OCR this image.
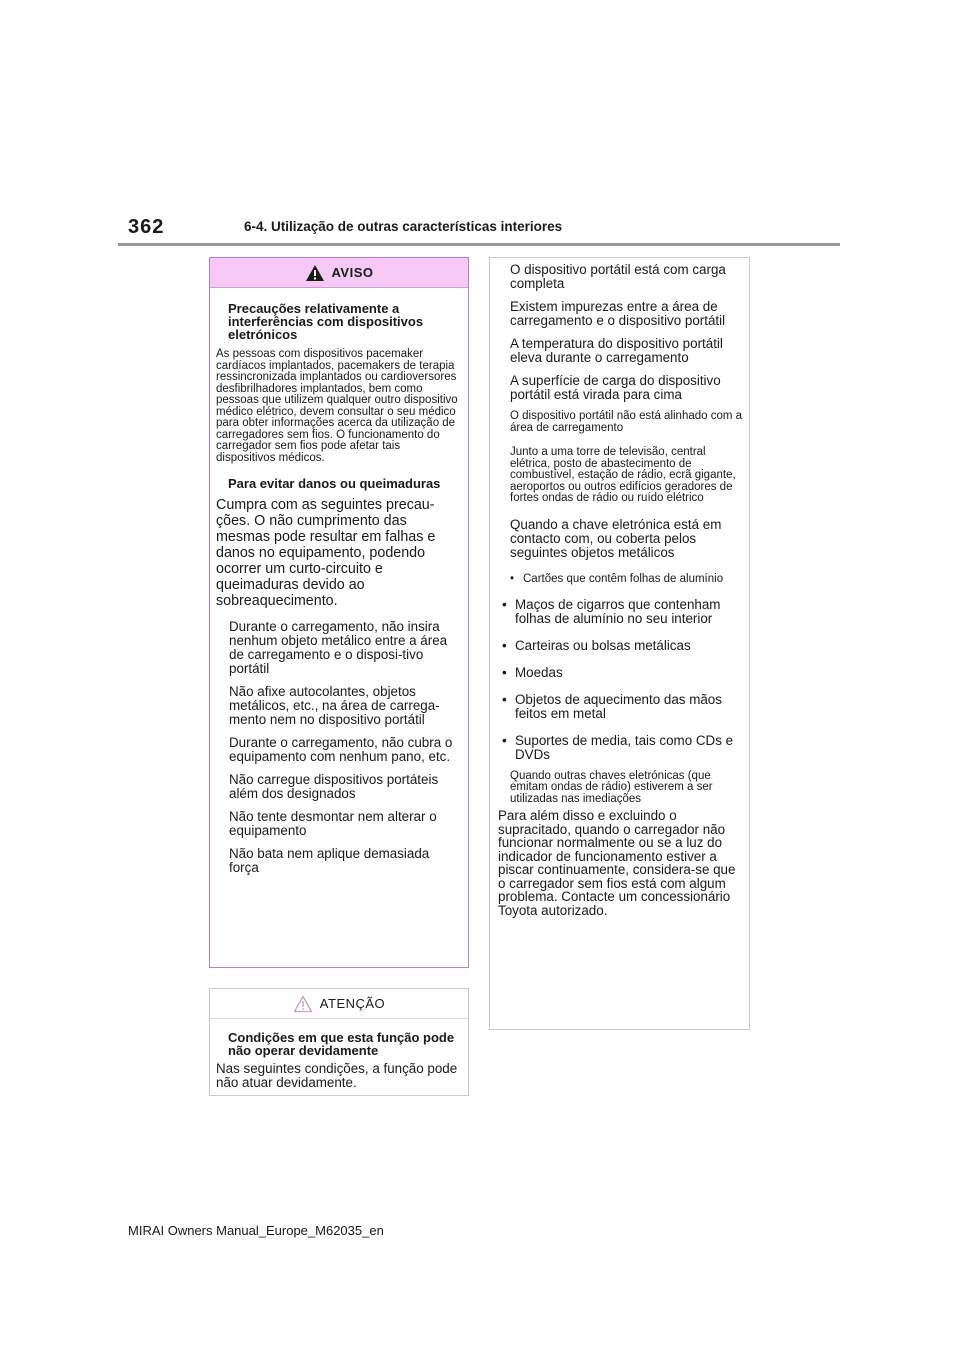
362	6-4. Utilização de outras características interiores
AVISO
Precauções relativamente a interferências com dispositivos eletrónicos
As pessoas com dispositivos pacemaker cardíacos implantados, pacemakers de terapia ressincronizada implantados ou cardioversores desfibrilhadores implantados, bem como pessoas que utilizem qualquer outro dispositivo médico elétrico, devem consultar o seu médico para obter informações acerca da utilização de carregadores sem fios. O funcionamento do carregador sem fios pode afetar tais dispositivos médicos.
Para evitar danos ou queimaduras
Cumpra com as seguintes precau-ções. O não cumprimento das mesmas pode resultar em falhas e danos no equipamento, podendo ocorrer um curto-circuito e queimaduras devido ao sobreaquecimento.
Durante o carregamento, não insira nenhum objeto metálico entre a área de carregamento e o disposi-tivo portátil
Não afixe autocolantes, objetos metálicos, etc., na área de carrega-mento nem no dispositivo portátil
Durante o carregamento, não cubra o equipamento com nenhum pano, etc.
Não carregue dispositivos portáteis além dos designados
Não tente desmontar nem alterar o equipamento
Não bata nem aplique demasiada força
ATENÇÃO
Condições em que esta função pode não operar devidamente
Nas seguintes condições, a função pode não atuar devidamente.
O dispositivo portátil está com carga completa
Existem impurezas entre a área de carregamento e o dispositivo portátil
A temperatura do dispositivo portátil eleva durante o carregamento
A superfície de carga do dispositivo portátil está virada para cima
O dispositivo portátil não está alinhado com a área de carregamento
Junto a uma torre de televisão, central elétrica, posto de abastecimento de combustível, estação de rádio, ecrã gigante, aeroportos ou outros edifícios geradores de fortes ondas de rádio ou ruído elétrico
Quando a chave eletrónica está em contacto com, ou coberta pelos seguintes objetos metálicos
• Cartões que contêm folhas de alumínio
• Maços de cigarros que contenham folhas de alumínio no seu interior
• Carteiras ou bolsas metálicas
• Moedas
• Objetos de aquecimento das mãos feitos em metal
• Suportes de media, tais como CDs e DVDs
Quando outras chaves eletrónicas (que emitam ondas de rádio) estiverem a ser utilizadas nas imediações
Para além disso e excluindo o supracitado, quando o carregador não funcionar normalmente ou se a luz do indicador de funcionamento estiver a piscar continuamente, considera-se que o carregador sem fios está com algum problema. Contacte um concessionário Toyota autorizado.
MIRAI Owners Manual_Europe_M62035_en
